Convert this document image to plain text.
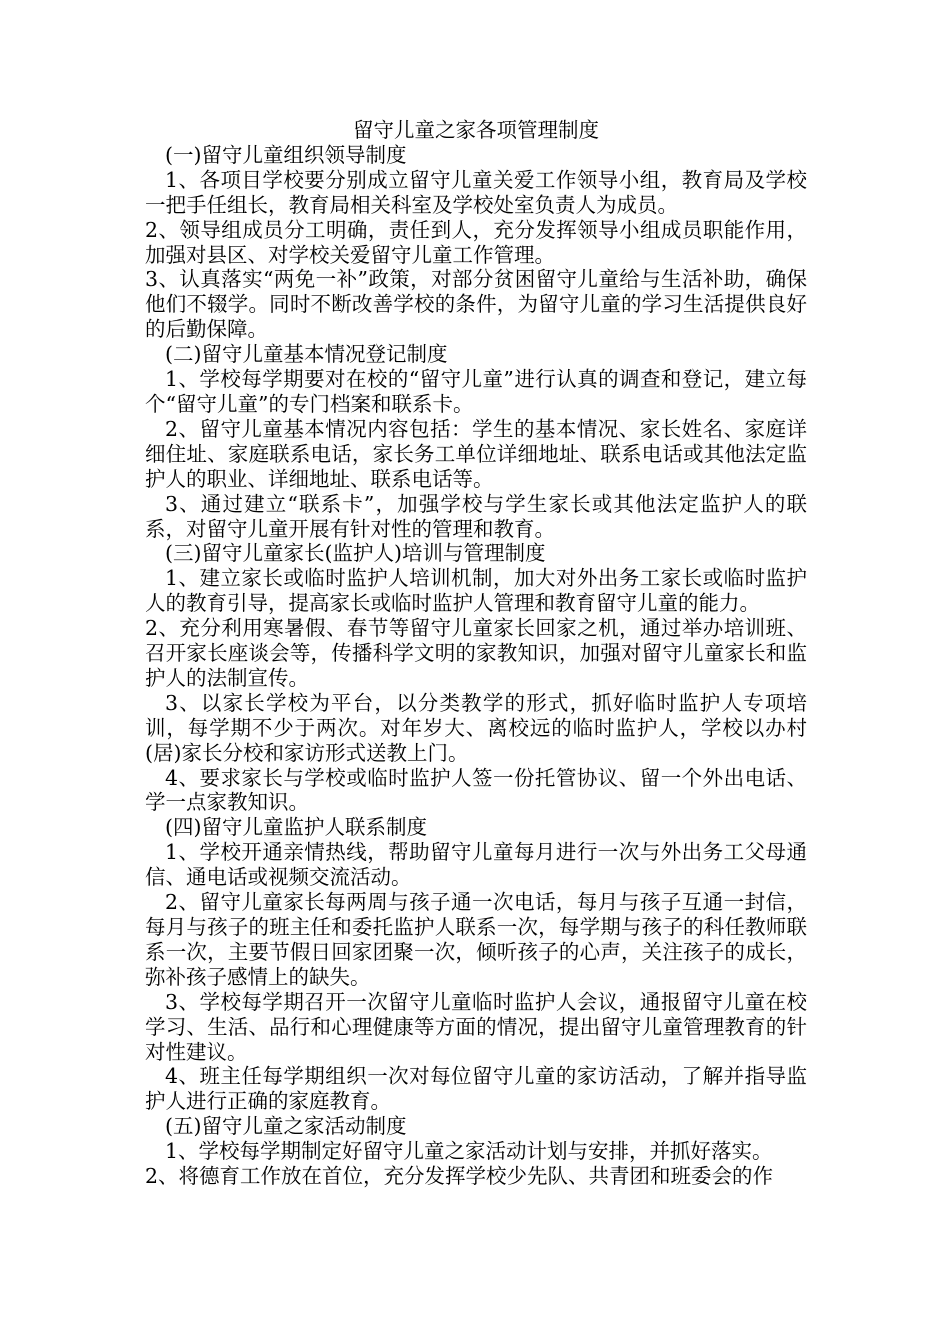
留守儿童之家各项管理制度

(一)留守儿童组织领导制度

1、各项目学校要分别成立留守儿童关爱工作领导小组，教育局及学校一把手任组长，教育局相关科室及学校处室负责人为成员。

2、领导组成员分工明确，责任到人，充分发挥领导小组成员职能作用，加强对县区、对学校关爱留守儿童工作管理。

3、认真落实“两免一补”政策，对部分贫困留守儿童给与生活补助，确保他们不辍学。同时不断改善学校的条件，为留守儿童的学习生活提供良好的后勤保障。

(二)留守儿童基本情况登记制度

1、学校每学期要对在校的“留守儿童”进行认真的调查和登记，建立每个“留守儿童”的专门档案和联系卡。

2、留守儿童基本情况内容包括：学生的基本情况、家长姓名、家庭详细住址、家庭联系电话，家长务工单位详细地址、联系电话或其他法定监护人的职业、详细地址、联系电话等。

3、通过建立“联系卡”，加强学校与学生家长或其他法定监护人的联系，对留守儿童开展有针对性的管理和教育。

(三)留守儿童家长(监护人)培训与管理制度

1、建立家长或临时监护人培训机制，加大对外出务工家长或临时监护人的教育引导，提高家长或临时监护人管理和教育留守儿童的能力。

2、充分利用寒暑假、春节等留守儿童家长回家之机，通过举办培训班、召开家长座谈会等，传播科学文明的家教知识，加强对留守儿童家长和监护人的法制宣传。

3、以家长学校为平台，以分类教学的形式，抓好临时监护人专项培训，每学期不少于两次。对年岁大、离校远的临时监护人，学校以办村(居)家长分校和家访形式送教上门。

4、要求家长与学校或临时监护人签一份托管协议、留一个外出电话、学一点家教知识。

(四)留守儿童监护人联系制度

1、学校开通亲情热线，帮助留守儿童每月进行一次与外出务工父母通信、通电话或视频交流活动。

2、留守儿童家长每两周与孩子通一次电话，每月与孩子互通一封信，每月与孩子的班主任和委托监护人联系一次，每学期与孩子的科任教师联系一次，主要节假日回家团聚一次，倾听孩子的心声，关注孩子的成长，弥补孩子感情上的缺失。

3、学校每学期召开一次留守儿童临时监护人会议，通报留守儿童在校学习、生活、品行和心理健康等方面的情况，提出留守儿童管理教育的针对性建议。

4、班主任每学期组织一次对每位留守儿童的家访活动，了解并指导监护人进行正确的家庭教育。

(五)留守儿童之家活动制度

1、学校每学期制定好留守儿童之家活动计划与安排，并抓好落实。

2、将德育工作放在首位，充分发挥学校少先队、共青团和班委会的作
